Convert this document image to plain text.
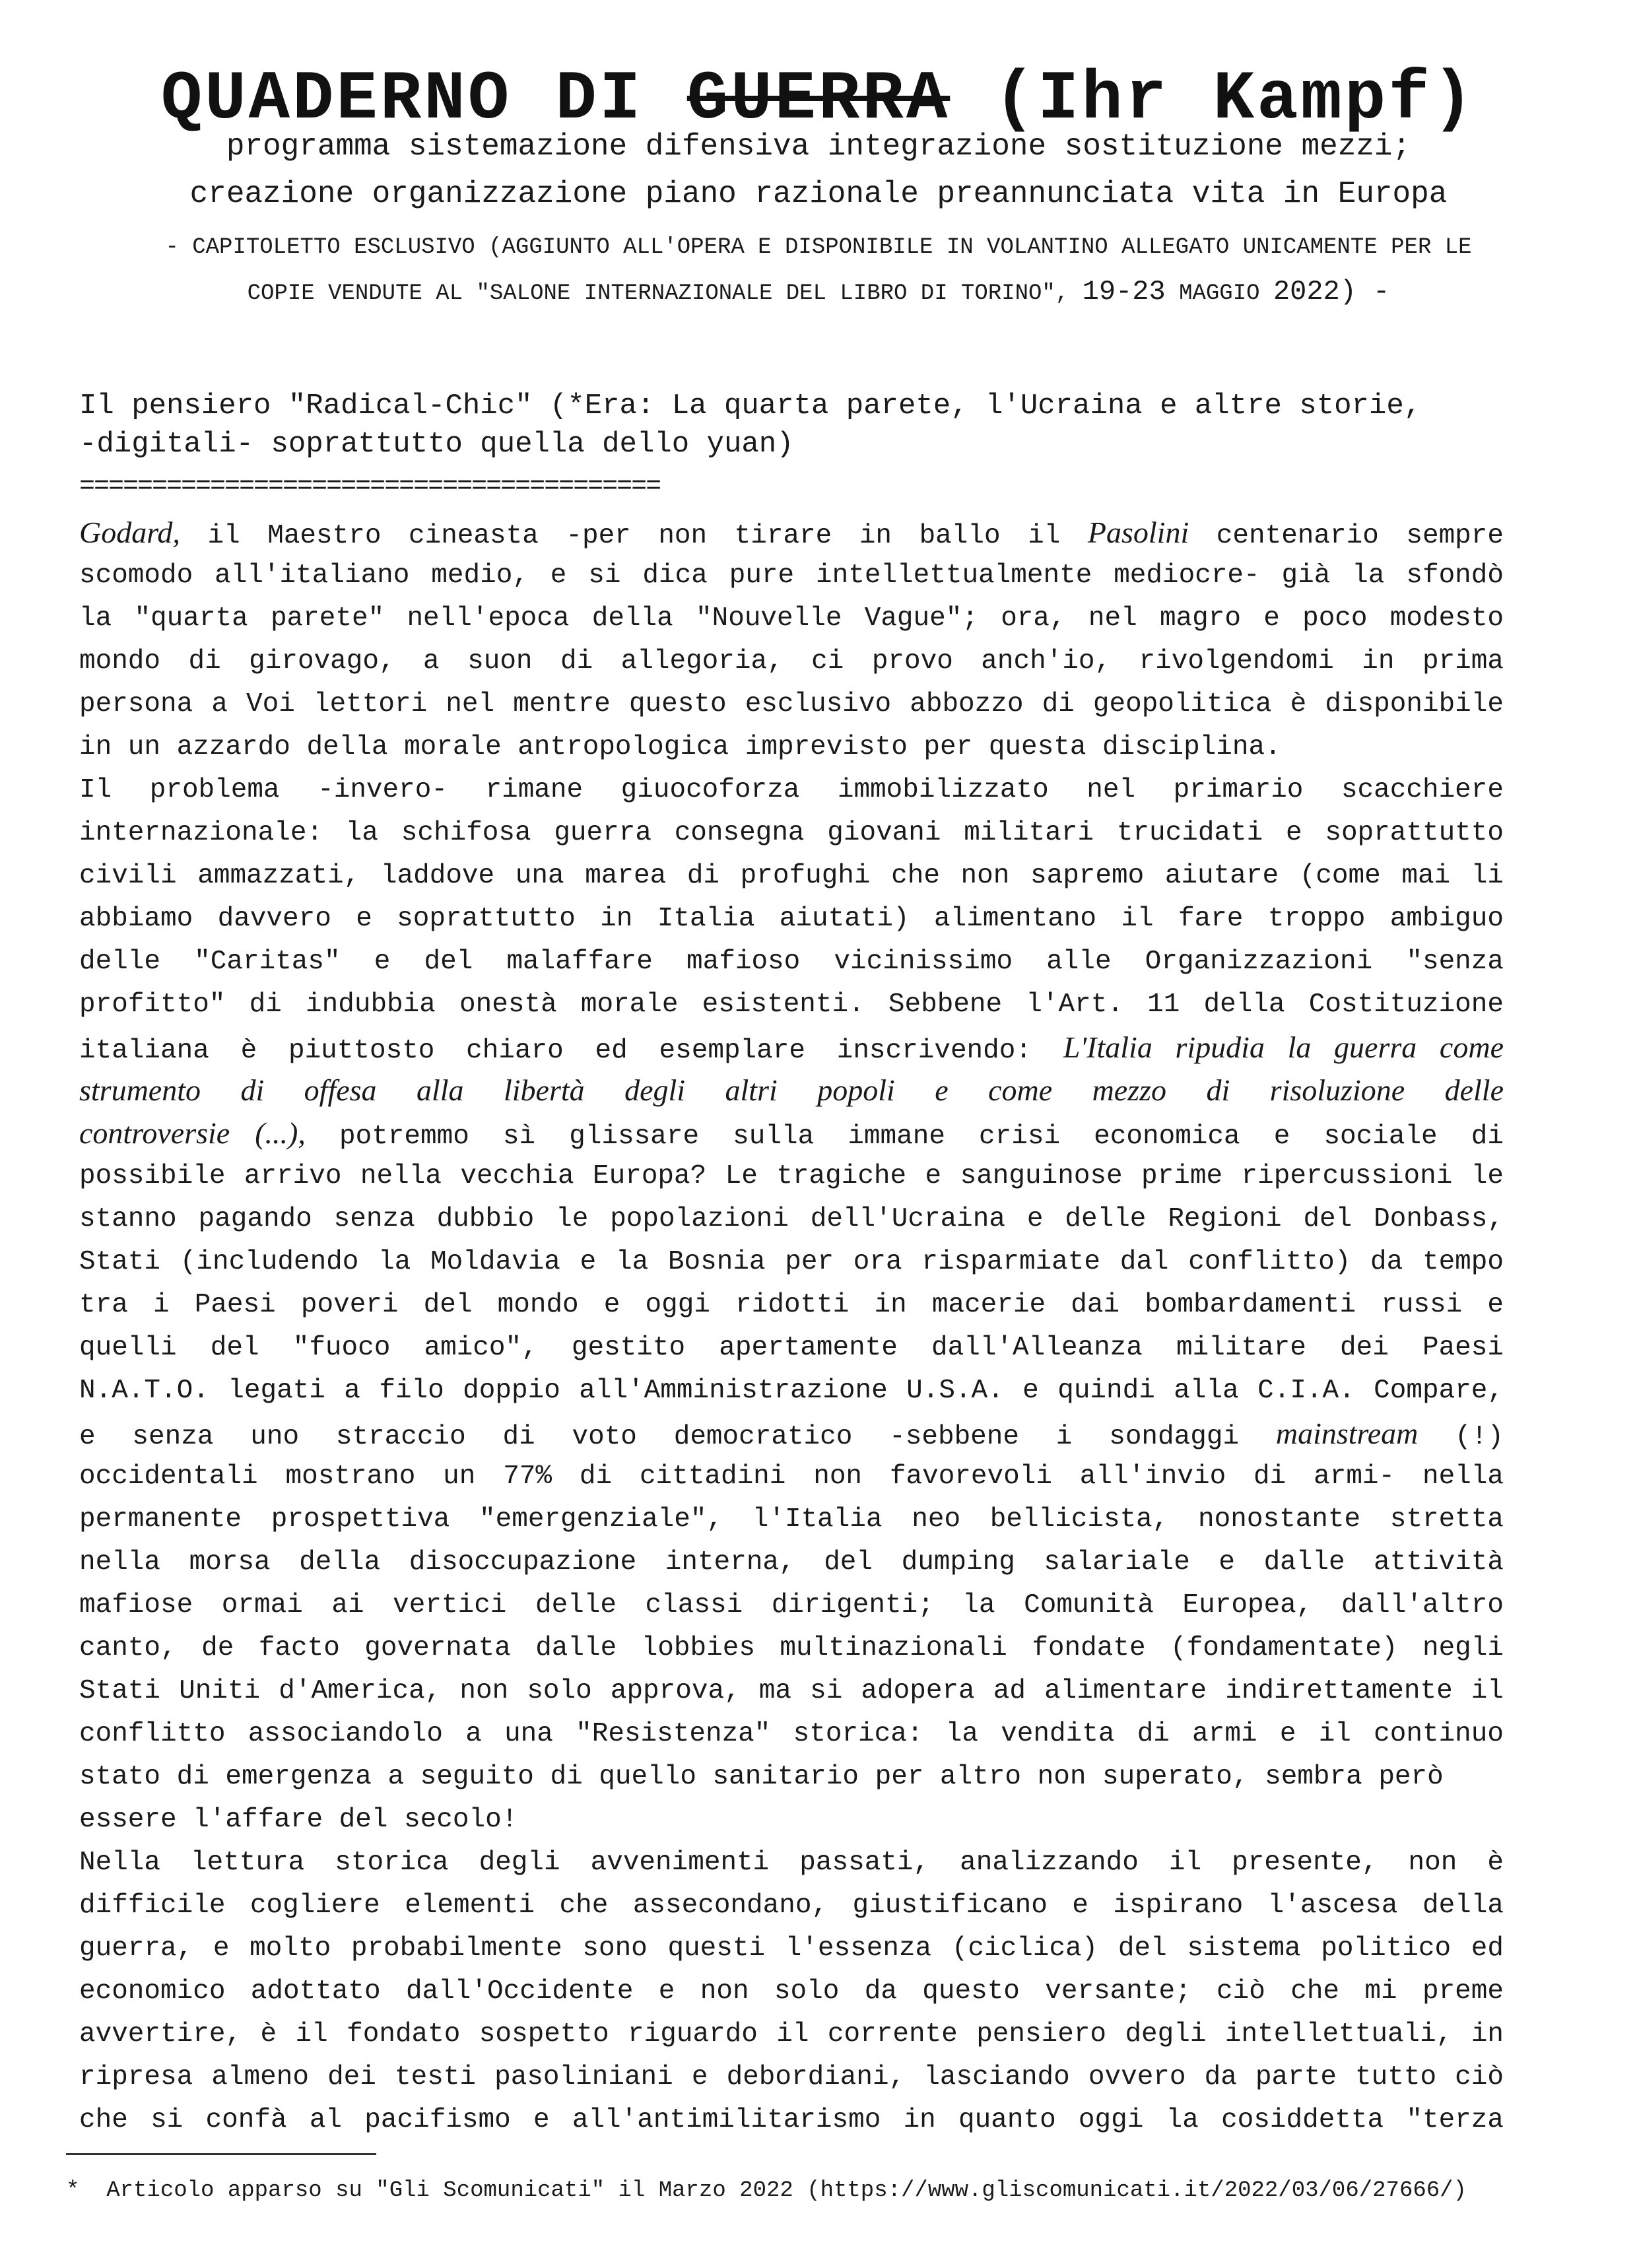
QUADERNO DI GUERRA (Ihr Kampf)
programma sistemazione difensiva integrazione sostituzione mezzi;
creazione organizzazione piano razionale preannunciata vita in Europa
- CAPITOLETTO ESCLUSIVO (AGGIUNTO ALL'OPERA E DISPONIBILE IN VOLANTINO ALLEGATO UNICAMENTE PER LE
COPIE VENDUTE AL "SALONE INTERNAZIONALE DEL LIBRO DI TORINO", 19-23 MAGGIO 2022) -
Il pensiero "Radical-Chic" (*Era: La quarta parete, l'Ucraina e altre storie,
-digitali- soprattutto quella dello yuan)
========================================
Godard, il Maestro cineasta -per non tirare in ballo il Pasolini centenario sempre
scomodo all'italiano medio, e si dica pure intellettualmente mediocre- già la sfondò
la "quarta parete" nell'epoca della "Nouvelle Vague"; ora, nel magro e poco modesto
mondo di girovago, a suon di allegoria, ci provo anch'io, rivolgendomi in prima
persona a Voi lettori nel mentre questo esclusivo abbozzo di geopolitica è disponibile
in un azzardo della morale antropologica imprevisto per questa disciplina.
Il problema -invero- rimane giuocoforza immobilizzato nel primario scacchiere
internazionale: la schifosa guerra consegna giovani militari trucidati e soprattutto
civili ammazzati, laddove una marea di profughi che non sapremo aiutare (come mai li
abbiamo davvero e soprattutto in Italia aiutati) alimentano il fare troppo ambiguo
delle "Caritas" e del malaffare mafioso vicinissimo alle Organizzazioni "senza
profitto" di indubbia onestà morale esistenti. Sebbene l'Art. 11 della Costituzione
italiana è piuttosto chiaro ed esemplare inscrivendo: L'Italia ripudia la guerra come
strumento di offesa alla libertà degli altri popoli e come mezzo di risoluzione delle
controversie (...), potremmo sì glissare sulla immane crisi economica e sociale di
possibile arrivo nella vecchia Europa? Le tragiche e sanguinose prime ripercussioni le
stanno pagando senza dubbio le popolazioni dell'Ucraina e delle Regioni del Donbass,
Stati (includendo la Moldavia e la Bosnia per ora risparmiate dal conflitto) da tempo
tra i Paesi poveri del mondo e oggi ridotti in macerie dai bombardamenti russi e
quelli del "fuoco amico", gestito apertamente dall'Alleanza militare dei Paesi
N.A.T.O. legati a filo doppio all'Amministrazione U.S.A. e quindi alla C.I.A. Compare,
e senza uno straccio di voto democratico -sebbene i sondaggi mainstream (!)
occidentali mostrano un 77% di cittadini non favorevoli all'invio di armi- nella
permanente prospettiva "emergenziale", l'Italia neo bellicista, nonostante stretta
nella morsa della disoccupazione interna, del dumping salariale e dalle attività
mafiose ormai ai vertici delle classi dirigenti; la Comunità Europea, dall'altro
canto, de facto governata dalle lobbies multinazionali fondate (fondamentate) negli
Stati Uniti d'America, non solo approva, ma si adopera ad alimentare indirettamente il
conflitto associandolo a una "Resistenza" storica: la vendita di armi e il continuo
stato di emergenza a seguito di quello sanitario per altro non superato, sembra però
essere l'affare del secolo!
Nella lettura storica degli avvenimenti passati, analizzando il presente, non è
difficile cogliere elementi che assecondano, giustificano e ispirano l'ascesa della
guerra, e molto probabilmente sono questi l'essenza (ciclica) del sistema politico ed
economico adottato dall'Occidente e non solo da questo versante; ciò che mi preme
avvertire, è il fondato sospetto riguardo il corrente pensiero degli intellettuali, in
ripresa almeno dei testi pasoliniani e debordiani, lasciando ovvero da parte tutto ciò
che si confà al pacifismo e all'antimilitarismo in quanto oggi la cosiddetta "terza
* Articolo apparso su "Gli Scomunicati" il Marzo 2022 (https://www.gliscomunicati.it/2022/03/06/27666/)
